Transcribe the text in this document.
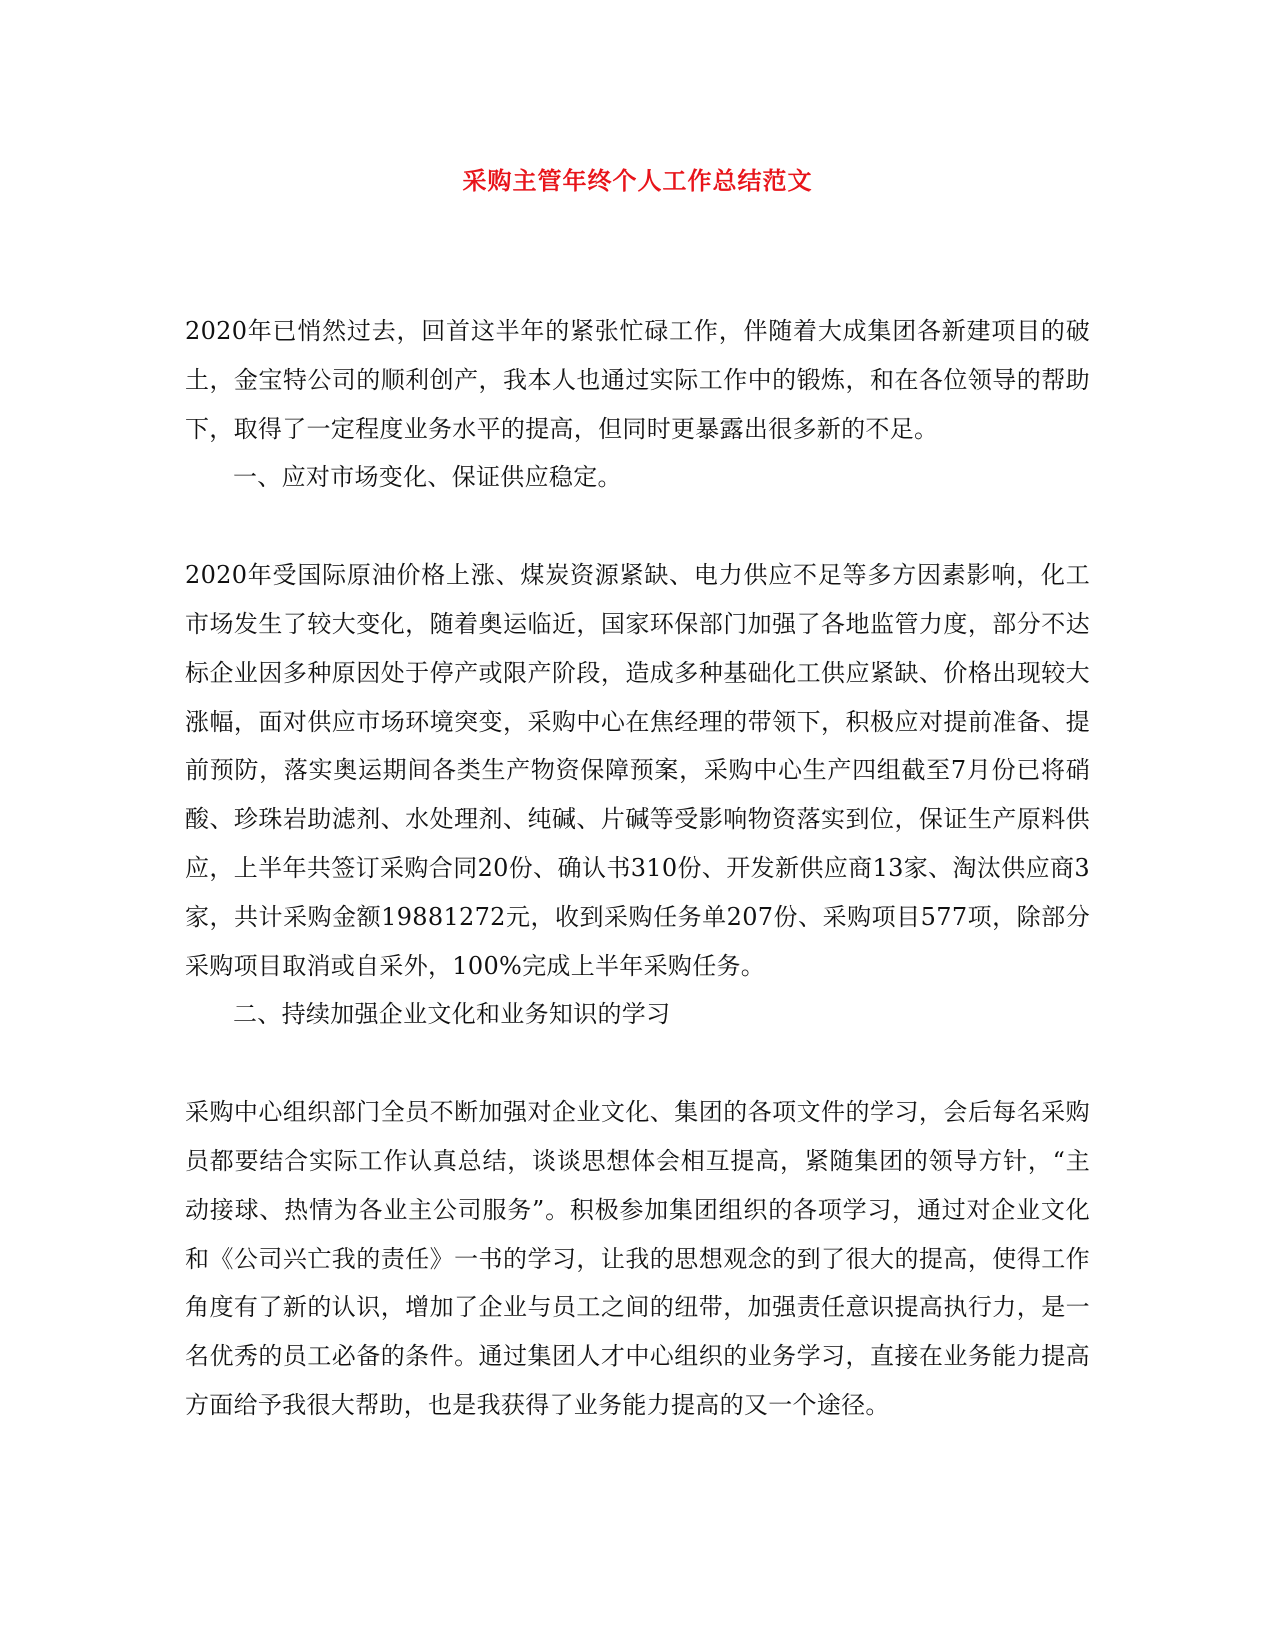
采购主管年终个人工作总结范文

2020年已悄然过去，回首这半年的紧张忙碌工作，伴随着大成集团各新建项目的破土，金宝特公司的顺利创产，我本人也通过实际工作中的锻炼，和在各位领导的帮助下，取得了一定程度业务水平的提高，但同时更暴露出很多新的不足。

一、应对市场变化、保证供应稳定。

2020年受国际原油价格上涨、煤炭资源紧缺、电力供应不足等多方因素影响，化工市场发生了较大变化，随着奥运临近，国家环保部门加强了各地监管力度，部分不达标企业因多种原因处于停产或限产阶段，造成多种基础化工供应紧缺、价格出现较大涨幅，面对供应市场环境突变，采购中心在焦经理的带领下，积极应对提前准备、提前预防，落实奥运期间各类生产物资保障预案，采购中心生产四组截至7月份已将硝酸、珍珠岩助滤剂、水处理剂、纯碱、片碱等受影响物资落实到位，保证生产原料供应，上半年共签订采购合同20份、确认书310份、开发新供应商13家、淘汰供应商3家，共计采购金额19881272元，收到采购任务单207份、采购项目577项，除部分采购项目取消或自采外，100%完成上半年采购任务。

二、持续加强企业文化和业务知识的学习

采购中心组织部门全员不断加强对企业文化、集团的各项文件的学习，会后每名采购员都要结合实际工作认真总结，谈谈思想体会相互提高，紧随集团的领导方针，“主动接球、热情为各业主公司服务”。积极参加集团组织的各项学习，通过对企业文化和《公司兴亡我的责任》一书的学习，让我的思想观念的到了很大的提高，使得工作角度有了新的认识，增加了企业与员工之间的纽带，加强责任意识提高执行力，是一名优秀的员工必备的条件。通过集团人才中心组织的业务学习，直接在业务能力提高方面给予我很大帮助，也是我获得了业务能力提高的又一个途径。
